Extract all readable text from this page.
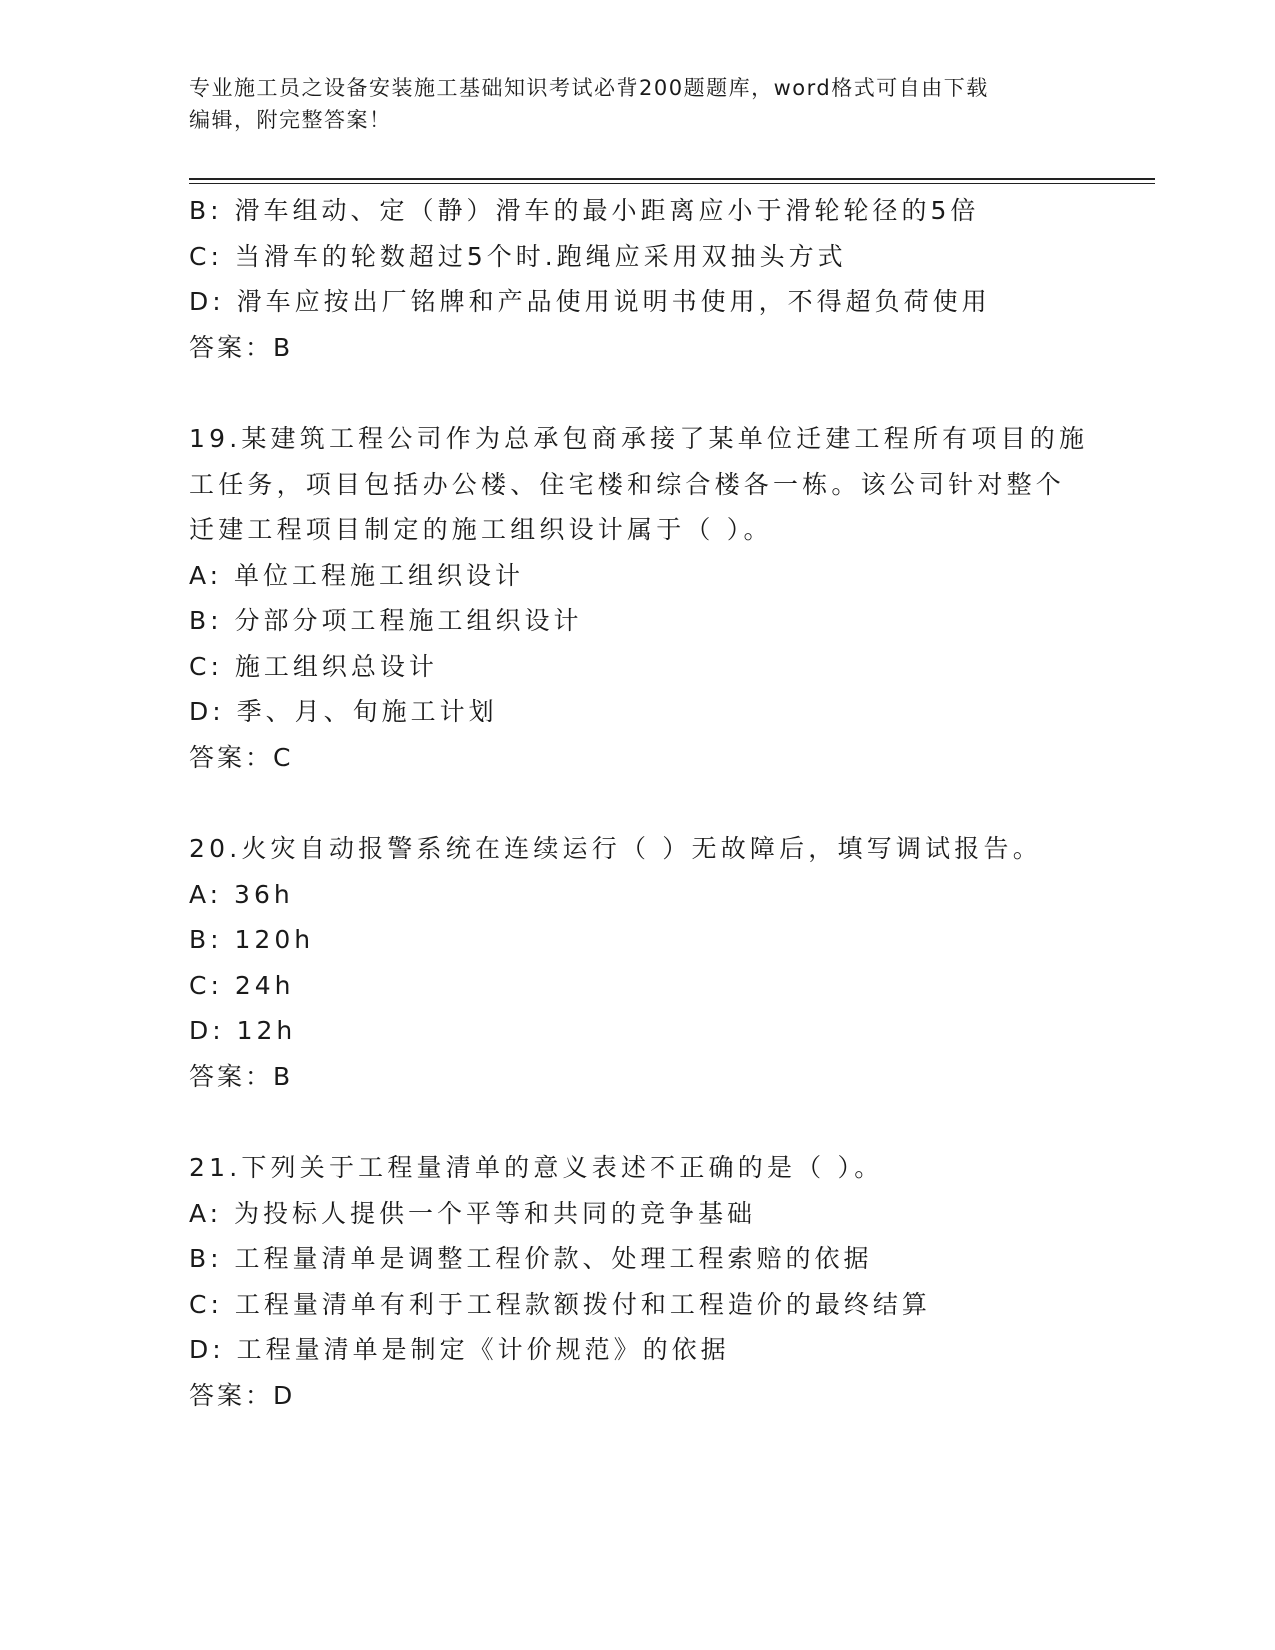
专业施工员之设备安装施工基础知识考试必背200题题库，word格式可自由下载
编辑，附完整答案！
B: 滑车组动、定（静）滑车的最小距离应小于滑轮轮径的5倍
C: 当滑车的轮数超过5个时.跑绳应采用双抽头方式
D: 滑车应按出厂铭牌和产品使用说明书使用，不得超负荷使用
答案：B
19.某建筑工程公司作为总承包商承接了某单位迁建工程所有项目的施
工任务，项目包括办公楼、住宅楼和综合楼各一栋。该公司针对整个
迁建工程项目制定的施工组织设计属于（ ）。
A: 单位工程施工组织设计
B: 分部分项工程施工组织设计
C: 施工组织总设计
D: 季、月、旬施工计划
答案：C
20.火灾自动报警系统在连续运行（ ）无故障后，填写调试报告。
A: 36h
B: 120h
C: 24h
D: 12h
答案：B
21.下列关于工程量清单的意义表述不正确的是（ ）。
A: 为投标人提供一个平等和共同的竞争基础
B: 工程量清单是调整工程价款、处理工程索赔的依据
C: 工程量清单有利于工程款额拨付和工程造价的最终结算
D: 工程量清单是制定《计价规范》的依据
答案：D
